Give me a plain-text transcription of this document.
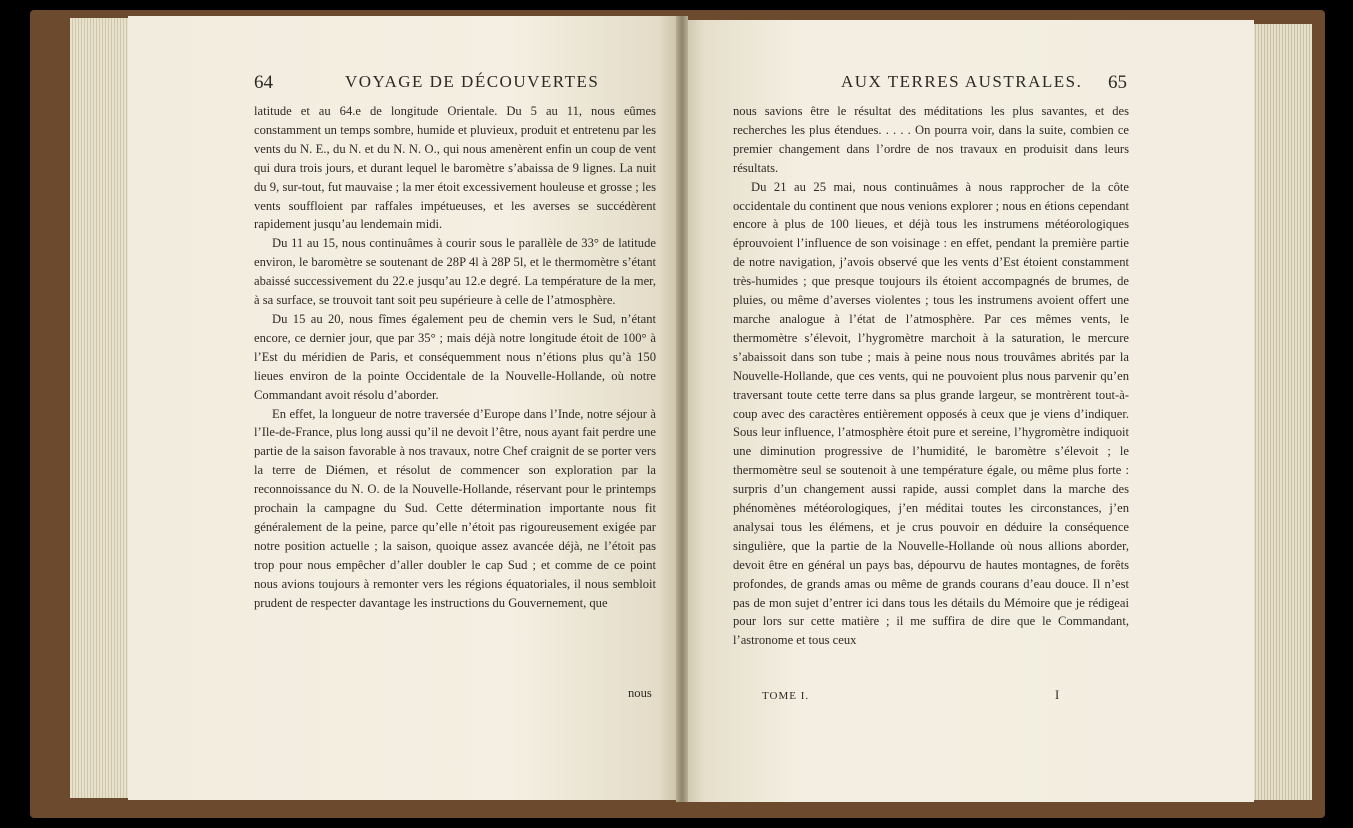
64	VOYAGE DE DÉCOUVERTES

latitude et au 64.e de longitude Orientale. Du 5 au 11, nous eûmes constamment un temps sombre, humide et pluvieux, produit et entretenu par les vents du N. E., du N. et du N. N. O., qui nous amenèrent enfin un coup de vent qui dura trois jours, et durant lequel le baromètre s’abaissa de 9 lignes. La nuit du 9, sur-tout, fut mauvaise ; la mer étoit excessivement houleuse et grosse ; les vents souffloient par raffales impétueuses, et les averses se succédèrent rapidement jusqu’au lendemain midi.

Du 11 au 15, nous continuâmes à courir sous le parallèle de 33° de latitude environ, le baromètre se soutenant de 28P 4l à 28P 5l, et le thermomètre s’étant abaissé successivement du 22.e jusqu’au 12.e degré. La température de la mer, à sa surface, se trouvoit tant soit peu supérieure à celle de l’atmosphère.

Du 15 au 20, nous fîmes également peu de chemin vers le Sud, n’étant encore, ce dernier jour, que par 35° ; mais déjà notre longitude étoit de 100° à l’Est du méridien de Paris, et conséquemment nous n’étions plus qu’à 150 lieues environ de la pointe Occidentale de la Nouvelle-Hollande, où notre Commandant avoit résolu d’aborder.

En effet, la longueur de notre traversée d’Europe dans l’Inde, notre séjour à l’Ile-de-France, plus long aussi qu’il ne devoit l’être, nous ayant fait perdre une partie de la saison favorable à nos travaux, notre Chef craignit de se porter vers la terre de Diémen, et résolut de commencer son exploration par la reconnoissance du N. O. de la Nouvelle-Hollande, réservant pour le printemps prochain la campagne du Sud. Cette détermination importante nous fit généralement de la peine, parce qu’elle n’étoit pas rigoureusement exigée par notre position actuelle ; la saison, quoique assez avancée déjà, ne l’étoit pas trop pour nous empêcher d’aller doubler le cap Sud ; et comme de ce point nous avions toujours à remonter vers les régions équatoriales, il nous sembloit prudent de respecter davantage les instructions du Gouvernement, que

nous
AUX TERRES AUSTRALES. 65

nous savions être le résultat des méditations les plus savantes, et des recherches les plus étendues. . . . . On pourra voir, dans la suite, combien ce premier changement dans l’ordre de nos travaux en produisit dans leurs résultats.

Du 21 au 25 mai, nous continuâmes à nous rapprocher de la côte occidentale du continent que nous venions explorer ; nous en étions cependant encore à plus de 100 lieues, et déjà tous les instrumens météorologiques éprouvoient l’influence de son voisinage : en effet, pendant la première partie de notre navigation, j’avois observé que les vents d’Est étoient constamment très-humides ; que presque toujours ils étoient accompagnés de brumes, de pluies, ou même d’averses violentes ; tous les instrumens avoient offert une marche analogue à l’état de l’atmosphère. Par ces mêmes vents, le thermomètre s’élevoit, l’hygromètre marchoit à la saturation, le mercure s’abaissoit dans son tube ; mais à peine nous nous trouvâmes abrités par la Nouvelle-Hollande, que ces vents, qui ne pouvoient plus nous parvenir qu’en traversant toute cette terre dans sa plus grande largeur, se montrèrent tout-à-coup avec des caractères entièrement opposés à ceux que je viens d’indiquer. Sous leur influence, l’atmosphère étoit pure et sereine, l’hygromètre indiquoit une diminution progressive de l’humidité, le baromètre s’élevoit ; le thermomètre seul se soutenoit à une température égale, ou même plus forte : surpris d’un changement aussi rapide, aussi complet dans la marche des phénomènes météorologiques, j’en méditai toutes les circonstances, j’en analysai tous les élémens, et je crus pouvoir en déduire la conséquence singulière, que la partie de la Nouvelle-Hollande où nous allions aborder, devoit être en général un pays bas, dépourvu de hautes montagnes, de forêts profondes, de grands amas ou même de grands courans d’eau douce. Il n’est pas de mon sujet d’entrer ici dans tous les détails du Mémoire que je rédigeai pour lors sur cette matière ; il me suffira de dire que le Commandant, l’astronome et tous ceux

TOME I.	I
